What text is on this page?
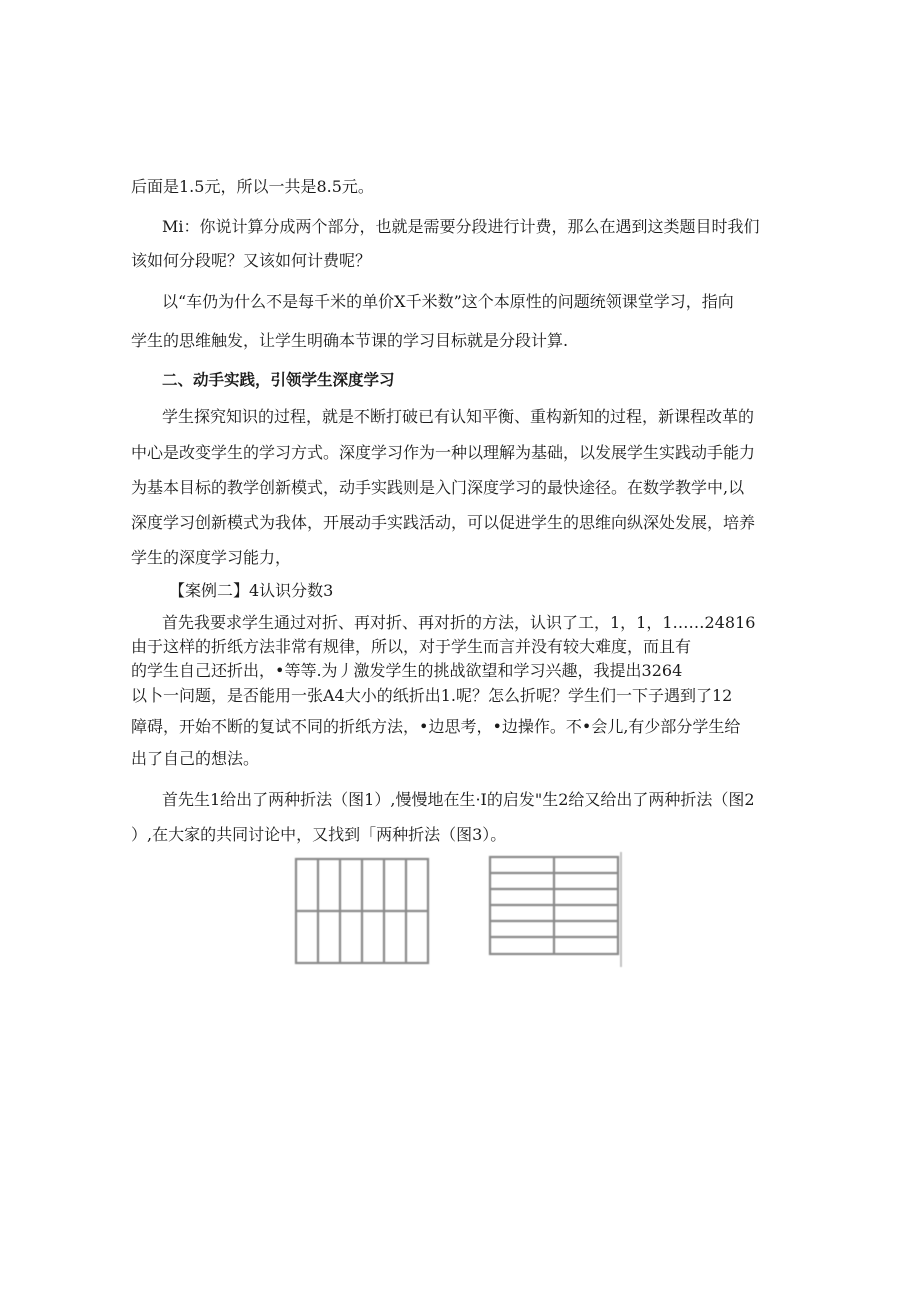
后面是1.5元，所以一共是8.5元。
Mi：你说计算分成两个部分，也就是需要分段进行计费，那么在遇到这类题目时我们
该如何分段呢？又该如何计费呢？
以“车仍为什么不是每千米的单价X千米数”这个本原性的问题统领课堂学习，指向
学生的思维触发，让学生明确本节课的学习目标就是分段计算.
二、动手实践，引领学生深度学习
学生探究知识的过程，就是不断打破已有认知平衡、重构新知的过程，新课程改革的
中心是改变学生的学习方式。深度学习作为一种以理解为基础，以发展学生实践动手能力
为基本目标的教学创新模式，动手实践则是入门深度学习的最快途径。在数学教学中,以
深度学习创新模式为我体，开展动手实践活动，可以促进学生的思维向纵深处发展，培养
学生的深度学习能力，
【案例二】4认识分数3
首先我要求学生通过对折、再对折、再对折的方法，认识了工，1，1，1……24816
由于这样的折纸方法非常有规律，所以，对于学生而言并没有较大难度，而且有
的学生自己还折出，•等等.为丿激发学生的挑战欲望和学习兴趣，我提出3264
以卜一问题，是否能用一张A4大小的纸折出1.呢？怎么折呢？学生们一下子遇到了12
障碍，开始不断的复试不同的折纸方法，•边思考，•边操作。不•会儿,有少部分学生给
出了自己的想法。
首先生1给出了两种折法（图1）,慢慢地在生·I的启发"生2给又给出了两种折法（图2
）,在大家的共同讨论中，又找到「两种折法（图3）。
